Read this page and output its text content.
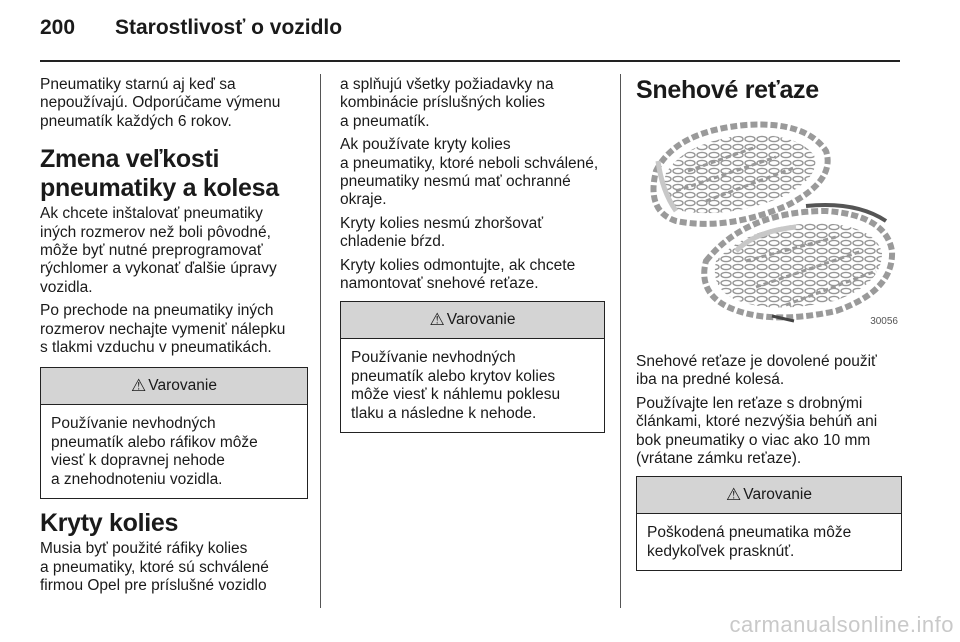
200 Starostlivosť o vozidlo

Pneumatiky starnú aj keď sa
nepoužívajú. Odporúčame výmenu
pneumatík každých 6 rokov.

Zmena veľkosti
pneumatiky a kolesa

Ak chcete inštalovať pneumatiky
iných rozmerov než boli pôvodné,
môže byť nutné preprogramovať
rýchlomer a vykonať ďalšie úpravy
vozidla.

Po prechode na pneumatiky iných
rozmerov nechajte vymeniť nálepku
s tlakmi vzduchu v pneumatikách.

⚠ Varovanie
Používanie nevhodných
pneumatík alebo ráfikov môže
viesť k dopravnej nehode
a znehodnoteniu vozidla.
Kryty kolies

Musia byť použité ráfiky kolies
a pneumatiky, ktoré sú schválené
firmou Opel pre príslušné vozidlo

a splňujú všetky požiadavky na
kombinácie príslušných kolies
a pneumatík.

Ak používate kryty kolies
a pneumatiky, ktoré neboli schválené,
pneumatiky nesmú mať ochranné
okraje.

Kryty kolies nesmú zhoršovať
chladenie bŕzd.

Kryty kolies odmontujte, ak chcete
namontovať snehové reťaze.

⚠ Varovanie
Používanie nevhodných
pneumatík alebo krytov kolies
môže viesť k náhlemu poklesu
tlaku a následne k nehode.
Snehové reťaze
30056

Snehové reťaze je dovolené použiť
iba na predné kolesá.

Používajte len reťaze s drobnými
článkami, ktoré nezvýšia behúň ani
bok pneumatiky o viac ako 10 mm
(vrátane zámku reťaze).

⚠ Varovanie
Poškodená pneumatika môže
kedykoľvek prasknúť.
carmanualsonline.info
